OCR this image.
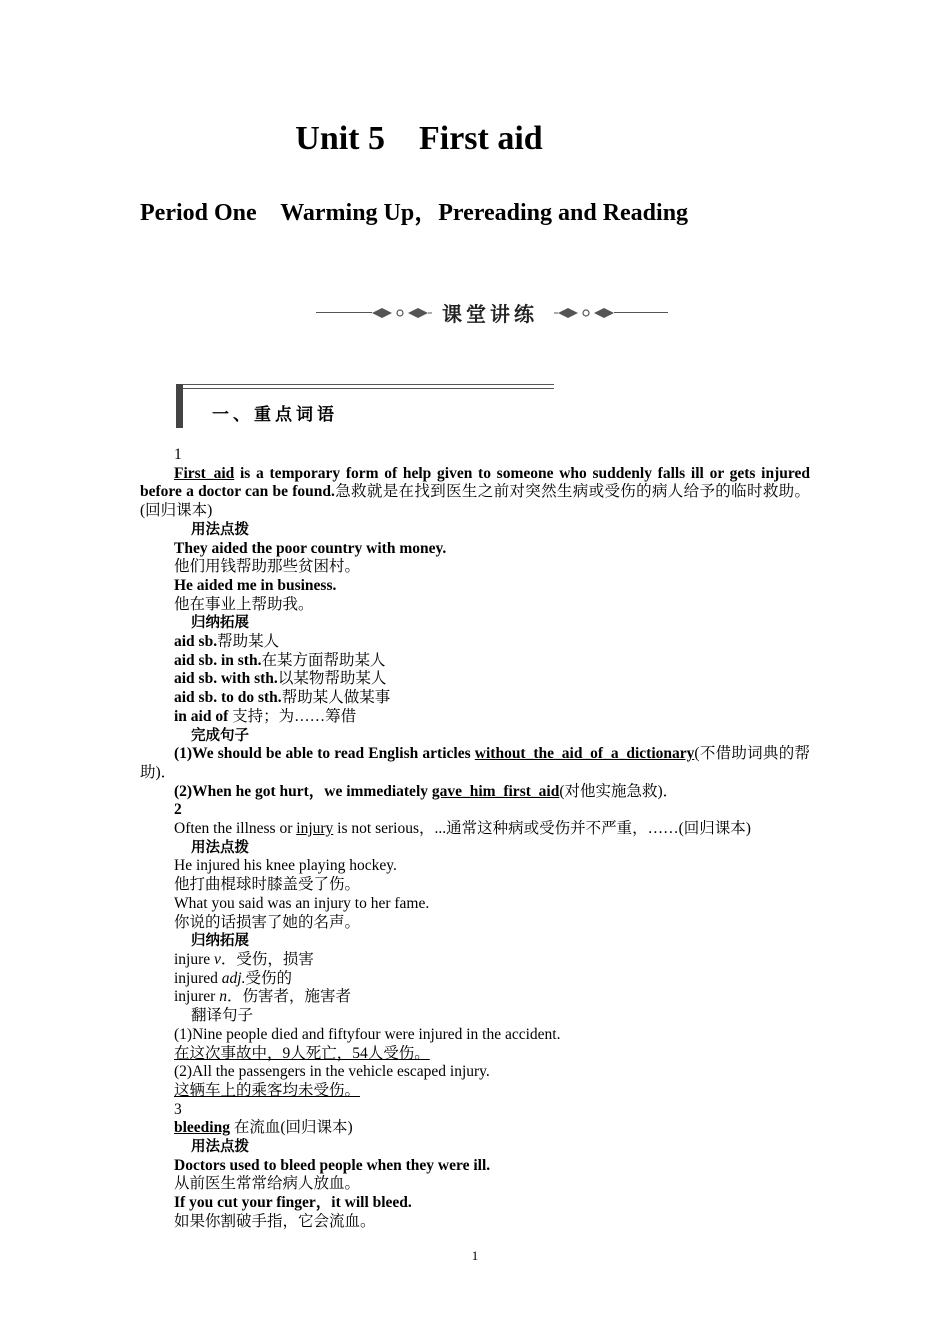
Unit 5    First aid
Period One    Warming Up，Prereading and Reading
课堂讲练
一、重点词语

1

First_aid is a temporary form of help given to someone who suddenly falls ill or gets injured before a doctor can be found.急救就是在找到医生之前对突然生病或受伤的病人给予的临时救助。(回归课本)

用法点拨

They aided the poor country with money.

他们用钱帮助那些贫困村。

He aided me in business.

他在事业上帮助我。

归纳拓展

aid sb.帮助某人

aid sb. in sth.在某方面帮助某人

aid sb. with sth.以某物帮助某人

aid sb. to do sth.帮助某人做某事

in aid of 支持；为……筹借

完成句子

(1)We should be able to read English articles without_the_aid_of_a_dictionary(不借助词典的帮助)．

(2)When he got hurt，we immediately gave_him_first_aid(对他实施急救)．

2

Often the illness or injury is not serious，...通常这种病或受伤并不严重，……(回归课本)

用法点拨

He injured his knee playing hockey.

他打曲棍球时膝盖受了伤。

What you said was an injury to her fame.

你说的话损害了她的名声。

归纳拓展

injure v．受伤，损害

injured adj.受伤的

injurer n．伤害者，施害者

翻译句子

(1)Nine people died and fiftyfour were injured in the accident.

在这次事故中，9人死亡，54人受伤。

(2)All the passengers in the vehicle escaped injury.

这辆车上的乘客均未受伤。

3

bleeding 在流血(回归课本)

用法点拨

Doctors used to bleed people when they were ill.

从前医生常常给病人放血。

If you cut your finger，it will bleed.

如果你割破手指，它会流血。

1
